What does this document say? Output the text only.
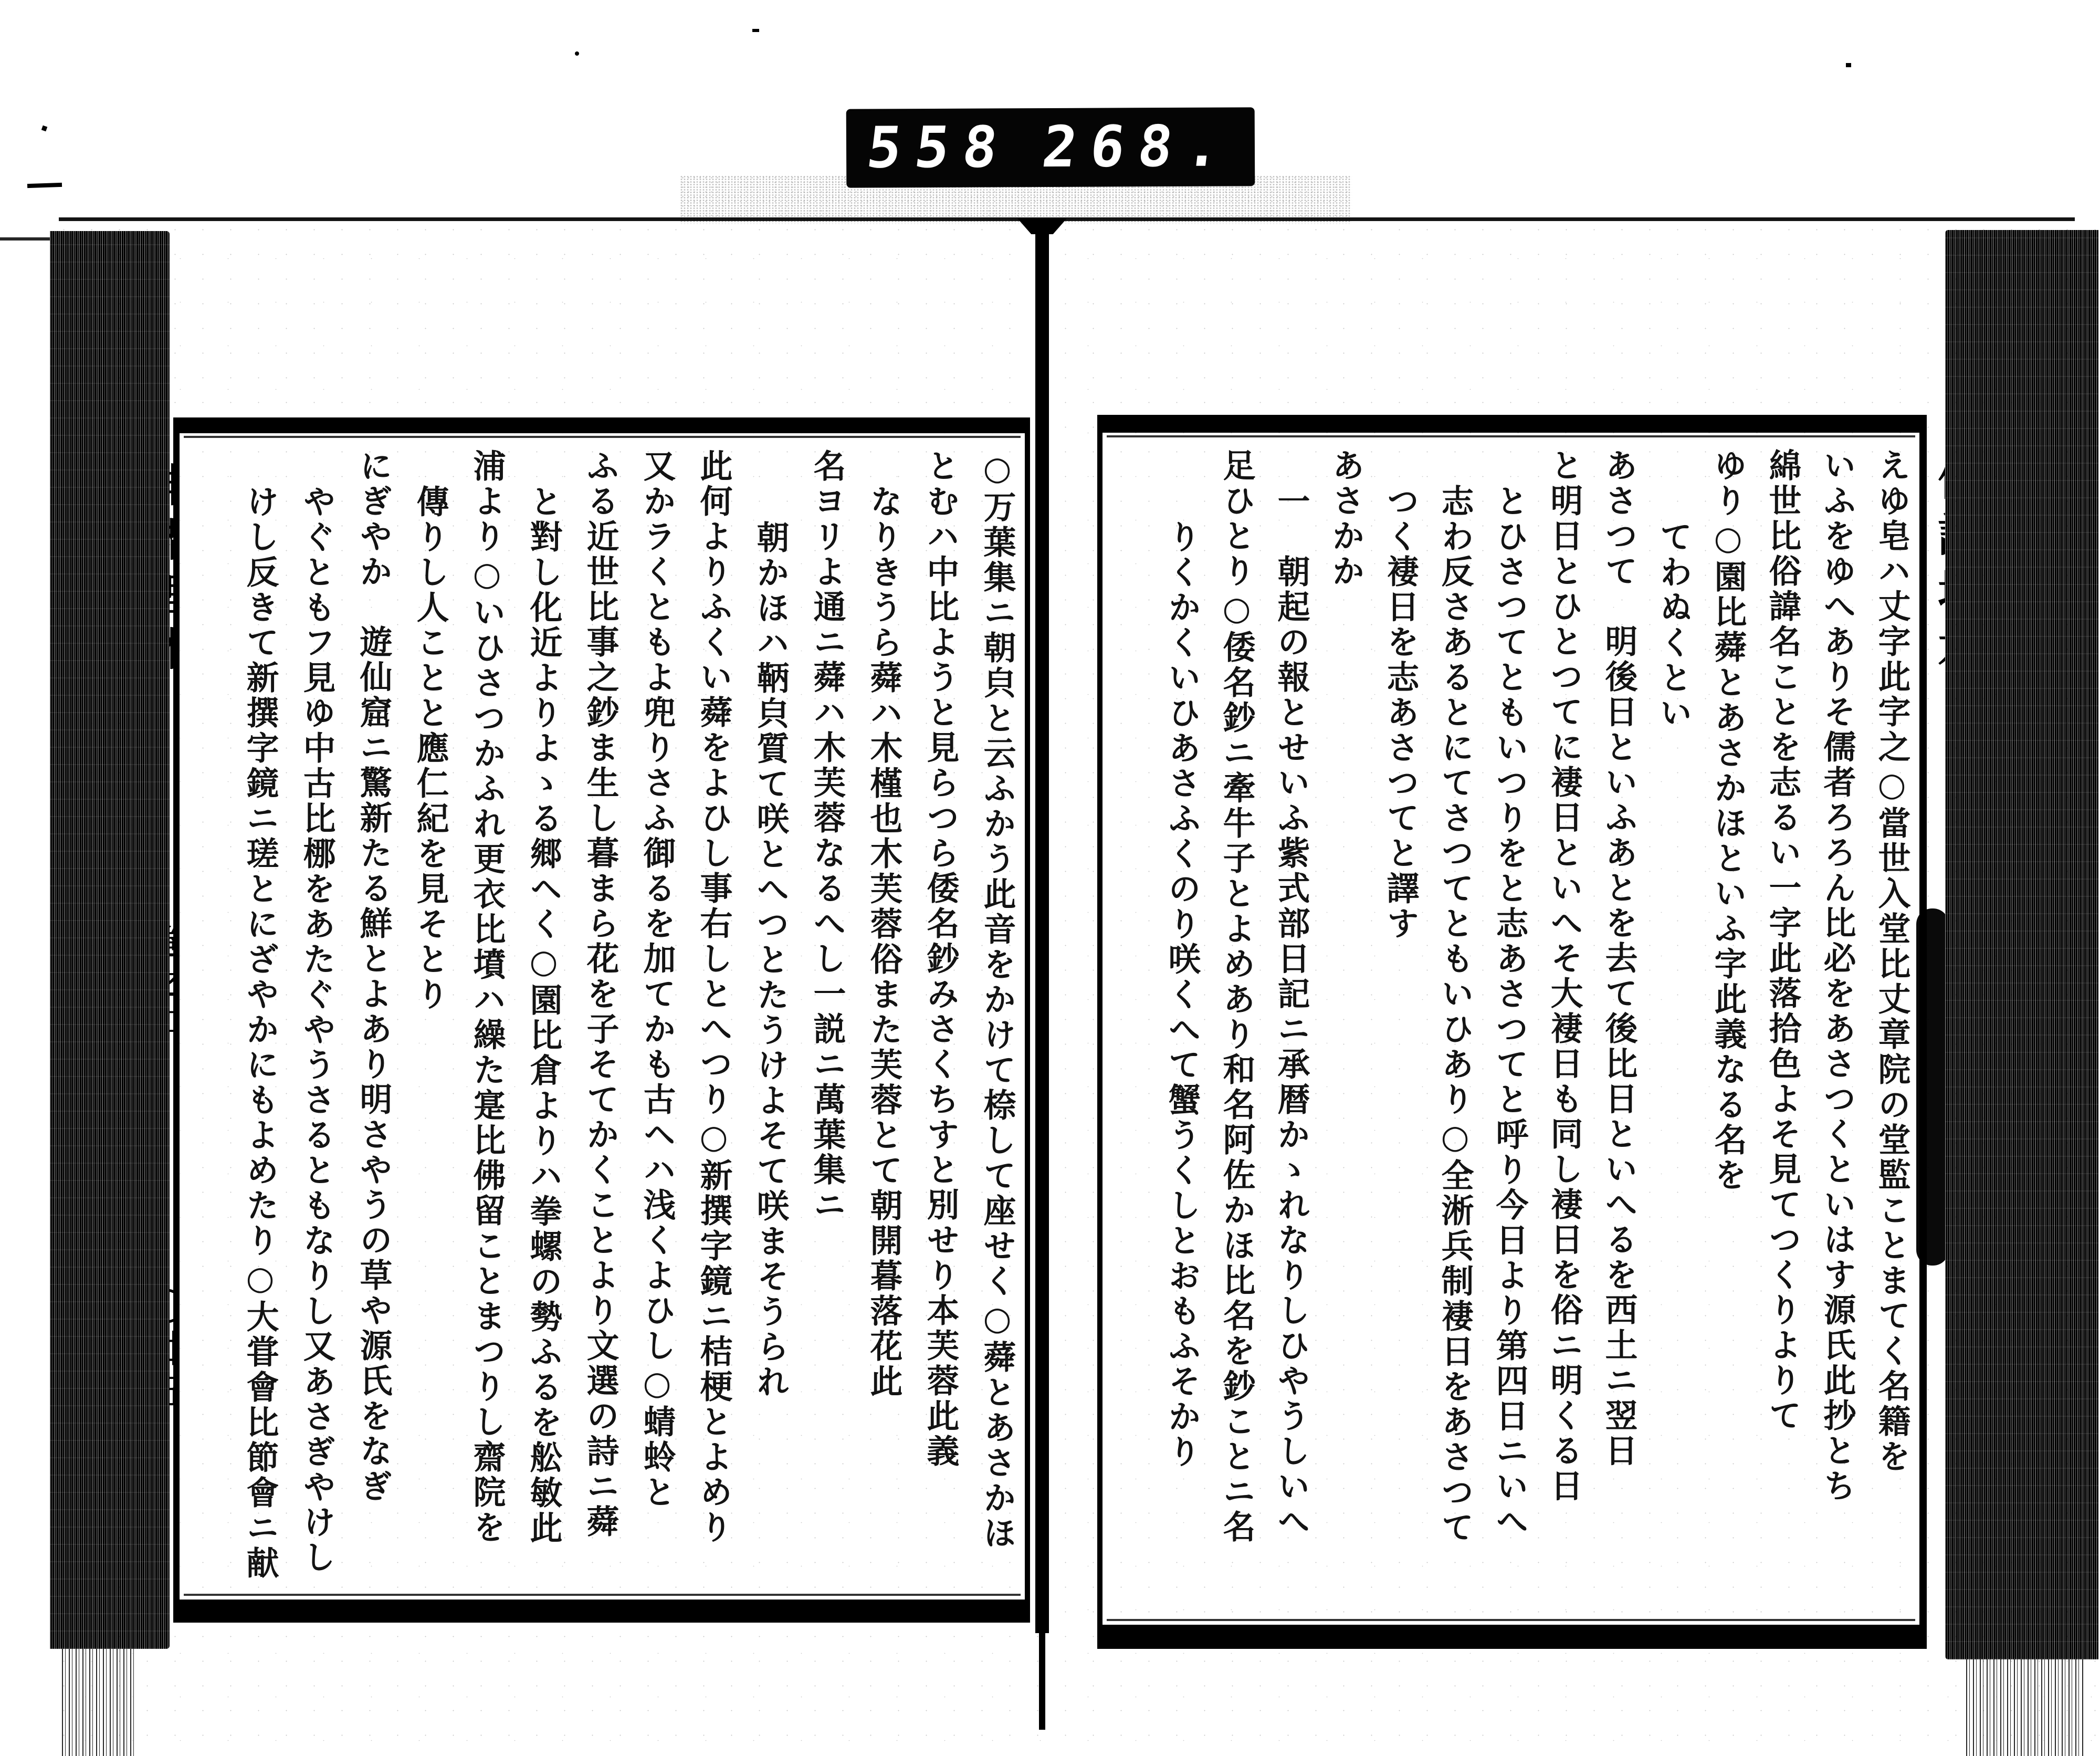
558 268.
○万葉集ニ朝㒵と云ふかう此音をかけて㮈して座せく○蕣とあさかほ
とむハ中比ようと見らつら倭名鈔みさくちすと別せり本芙蓉此義
なりきうら蕣ハ木槿也木芙蓉俗また芙蓉とて朝開暮落花此
名ヨリよ通ニ蕣ハ木芙蓉なるへし一説ニ萬葉集ニ
朝かほハ鞆㒵質て咲とへつとたうけよそて咲まそうられ
此何よりふくい蕣をよひし事右しとへつり○新撰字鏡ニ桔梗とよめり
又かラくともよ兜りさふ御るを加てかも古ヘハ浅くよひし○蜻蛉と
ふる近世比事之鈔ま生し暮まら花を子そてかくことより文選の詩ニ蕣
と對し化近よりよゝる郷ヘく○園比倉よりハ拳螺の勢ふるを舩敏此
浦より○いひさつかふれ更衣比墳ハ繰た寔比佛留ことまつりし齋院を
傳りし人ことと應仁紀を見そとり
にぎやか　遊仙窟ニ驚新たる鮮とよあり明さやうの草や源氏をなぎ
やぐともフ見ゆ中古比梛をあたぐやうさるともなりし又あさぎやけし
けし反きて新撰字鏡ニ瑳とにざやかにもよめたり○大甞會比節會ニ献	えゆ皂ハ丈字此字之○當世入堂比丈章院の堂監ことまてく名籍を
いふをゆへありそ儒者ろろん比必をあさつくといはす源氏此抄とち
綿世比俗諱名ことを志るい一字此落拾色よそ見てつくりよりて
ゆり○園比蕣とあさかほといふ字此義なる名を
てわぬくとい
あさつて　明後日といふあとを去て後比日といへるを西土ニ翌日
と明日とひとつてに褄日といへそ大褄日も同し褄日を俗ニ明くる日
とひさつてともいつりをと志あさつてと呼り今日より第四日ニいへ
志わ反さあるとにてさつてともいひあり○全淅兵制褄日をあさつて
つく褄日を志あさつてと譯す
あさかか
一　朝起の報とせいふ紫式部日記ニ承暦かゝれなりしひやうしいへ
足ひとり○倭名鈔ニ牽牛子とよめあり和名阿佐かほ比名を鈔ことニ名
りくかくいひあさふくのり咲くへて蟹うくしとおもふそかり
